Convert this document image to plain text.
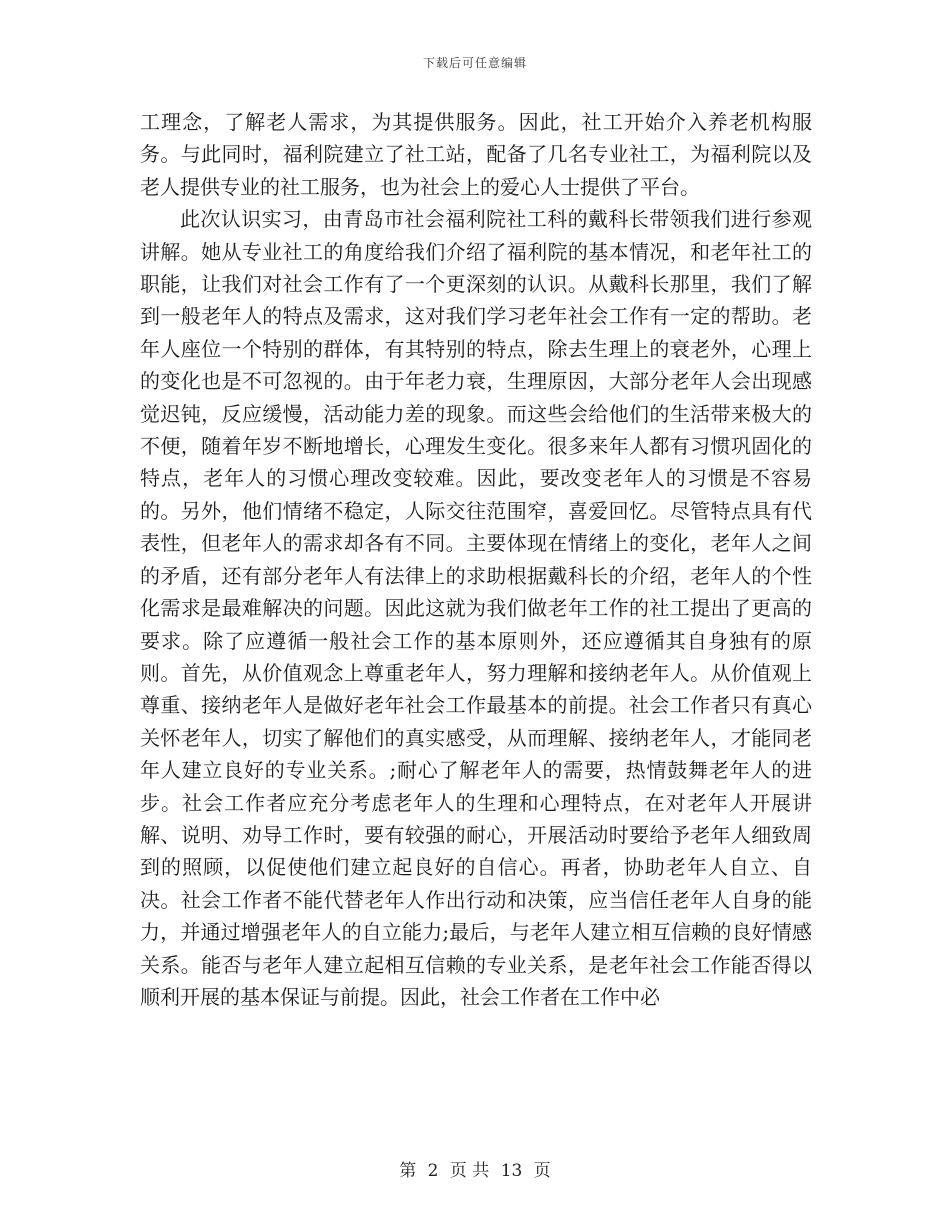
下载后可任意编辑

工理念，了解老人需求，为其提供服务。因此，社工开始介入养老机构服务。与此同时，福利院建立了社工站，配备了几名专业社工，为福利院以及老人提供专业的社工服务，也为社会上的爱心人士提供了平台。

此次认识实习，由青岛市社会福利院社工科的戴科长带领我们进行参观讲解。她从专业社工的角度给我们介绍了福利院的基本情况，和老年社工的职能，让我们对社会工作有了一个更深刻的认识。从戴科长那里，我们了解到一般老年人的特点及需求，这对我们学习老年社会工作有一定的帮助。老年人座位一个特别的群体，有其特别的特点，除去生理上的衰老外，心理上的变化也是不可忽视的。由于年老力衰，生理原因，大部分老年人会出现感觉迟钝，反应缓慢，活动能力差的现象。而这些会给他们的生活带来极大的不便，随着年岁不断地增长，心理发生变化。很多来年人都有习惯巩固化的特点，老年人的习惯心理改变较难。因此，要改变老年人的习惯是不容易的。另外，他们情绪不稳定，人际交往范围窄，喜爱回忆。尽管特点具有代表性，但老年人的需求却各有不同。主要体现在情绪上的变化，老年人之间的矛盾，还有部分老年人有法律上的求助根据戴科长的介绍，老年人的个性化需求是最难解决的问题。因此这就为我们做老年工作的社工提出了更高的要求。除了应遵循一般社会工作的基本原则外，还应遵循其自身独有的原则。首先，从价值观念上尊重老年人，努力理解和接纳老年人。从价值观上尊重、接纳老年人是做好老年社会工作最基本的前提。社会工作者只有真心关怀老年人，切实了解他们的真实感受，从而理解、接纳老年人，才能同老年人建立良好的专业关系。;耐心了解老年人的需要，热情鼓舞老年人的进步。社会工作者应充分考虑老年人的生理和心理特点，在对老年人开展讲解、说明、劝导工作时，要有较强的耐心，开展活动时要给予老年人细致周到的照顾，以促使他们建立起良好的自信心。再者，协助老年人自立、自决。社会工作者不能代替老年人作出行动和决策，应当信任老年人自身的能力，并通过增强老年人的自立能力;最后，与老年人建立相互信赖的良好情感关系。能否与老年人建立起相互信赖的专业关系，是老年社会工作能否得以顺利开展的基本保证与前提。因此，社会工作者在工作中必

第 2 页 共 13 页
